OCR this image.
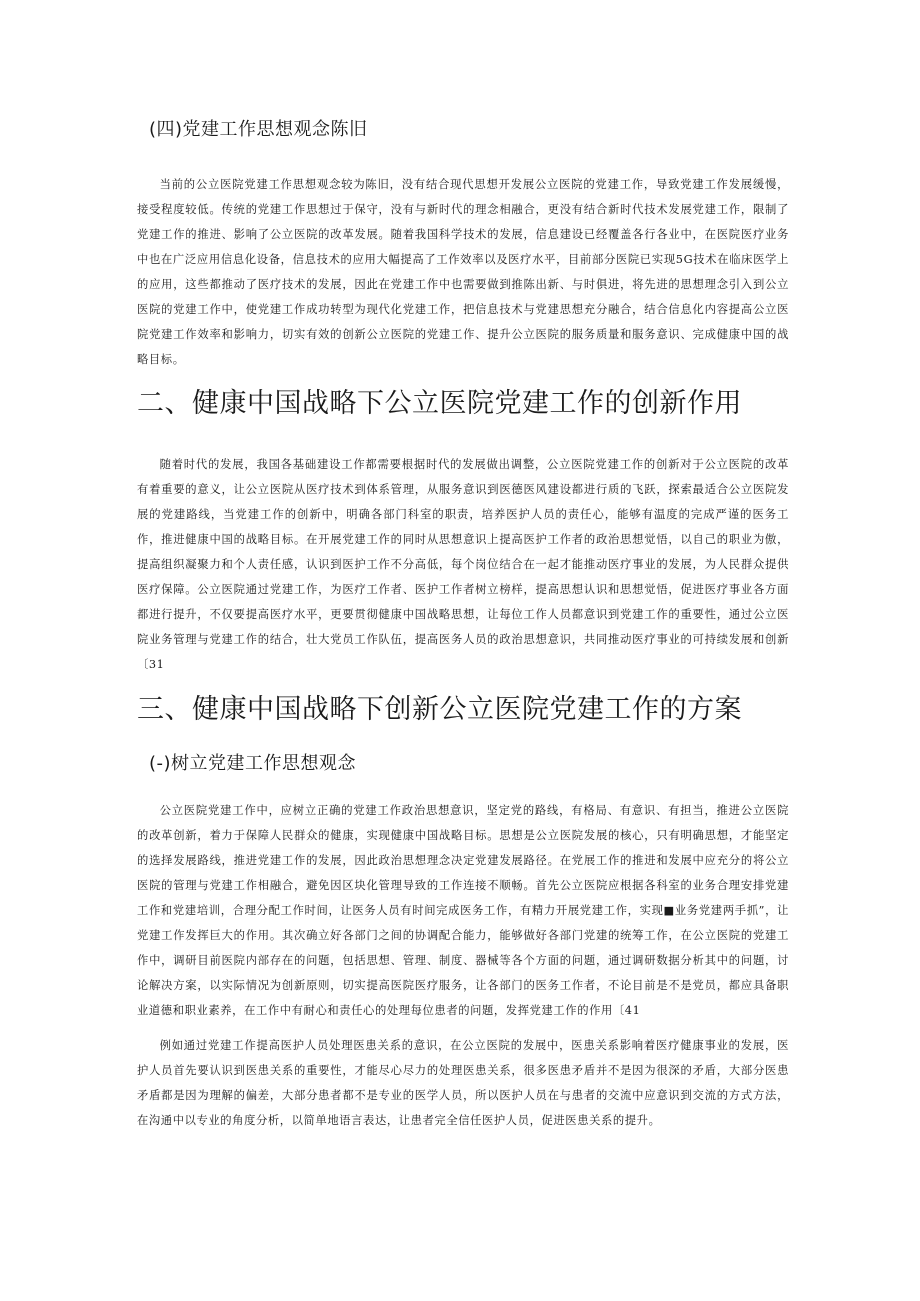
(四)党建工作思想观念陈旧

当前的公立医院党建工作思想观念较为陈旧，没有结合现代思想开发展公立医院的党建工作，导致党建工作发展缓慢，接受程度较低。传统的党建工作思想过于保守，没有与新时代的理念相融合，更没有结合新时代技术发展党建工作，限制了党建工作的推进、影响了公立医院的改革发展。随着我国科学技术的发展，信息建设已经覆盖各行各业中，在医院医疗业务中也在广泛应用信息化设备，信息技术的应用大幅提高了工作效率以及医疗水平，目前部分医院已实现5G技术在临床医学上的应用，这些都推动了医疗技术的发展，因此在党建工作中也需要做到推陈出新、与时俱进，将先进的思想理念引入到公立医院的党建工作中，使党建工作成功转型为现代化党建工作，把信息技术与党建思想充分融合，结合信息化内容提高公立医院党建工作效率和影响力，切实有效的创新公立医院的党建工作、提升公立医院的服务质量和服务意识、完成健康中国的战略目标。

二、健康中国战略下公立医院党建工作的创新作用

随着时代的发展，我国各基础建设工作都需要根据时代的发展做出调整，公立医院党建工作的创新对于公立医院的改革有着重要的意义，让公立医院从医疗技术到体系管理，从服务意识到医德医风建设都进行质的飞跃，探索最适合公立医院发展的党建路线，当党建工作的创新中，明确各部门科室的职责，培养医护人员的责任心，能够有温度的完成严谨的医务工作，推进健康中国的战略目标。在开展党建工作的同时从思想意识上提高医护工作者的政治思想觉悟，以自己的职业为傲，提高组织凝聚力和个人责任感，认识到医护工作不分高低，每个岗位结合在一起才能推动医疗事业的发展，为人民群众提供医疗保障。公立医院通过党建工作，为医疗工作者、医护工作者树立榜样，提高思想认识和思想觉悟，促进医疗事业各方面都进行提升，不仅要提高医疗水平，更要贯彻健康中国战略思想，让每位工作人员都意识到党建工作的重要性，通过公立医院业务管理与党建工作的结合，壮大党员工作队伍，提高医务人员的政治思想意识，共同推动医疗事业的可持续发展和创新〔31

三、健康中国战略下创新公立医院党建工作的方案
(-)树立党建工作思想观念

公立医院党建工作中，应树立正确的党建工作政治思想意识，坚定党的路线，有格局、有意识、有担当，推进公立医院的改革创新，着力于保障人民群众的健康，实现健康中国战略目标。思想是公立医院发展的核心，只有明确思想，才能坚定的选择发展路线，推进党建工作的发展，因此政治思想理念决定党建发展路径。在党展工作的推进和发展中应充分的将公立医院的管理与党建工作相融合，避免因区块化管理导致的工作连接不顺畅。首先公立医院应根据各科室的业务合理安排党建工作和党建培训，合理分配工作时间，让医务人员有时间完成医务工作，有精力开展党建工作，实现■业务党建两手抓”，让党建工作发挥巨大的作用。其次确立好各部门之间的协调配合能力，能够做好各部门党建的统筹工作，在公立医院的党建工作中，调研目前医院内部存在的问题，包括思想、管理、制度、器械等各个方面的问题，通过调研数据分析其中的问题，讨论解决方案，以实际情况为创新原则，切实提高医院医疗服务，让各部门的医务工作者，不论目前是不是党员，都应具备职业道德和职业素养，在工作中有耐心和责任心的处理每位患者的问题，发挥党建工作的作用〔41

例如通过党建工作提高医护人员处理医患关系的意识，在公立医院的发展中，医患关系影响着医疗健康事业的发展，医护人员首先要认识到医患关系的重要性，才能尽心尽力的处理医患关系，很多医患矛盾并不是因为很深的矛盾，大部分医患矛盾都是因为理解的偏差，大部分患者都不是专业的医学人员，所以医护人员在与患者的交流中应意识到交流的方式方法，在沟通中以专业的角度分析，以简单地语言表达，让患者完全信任医护人员，促进医患关系的提升。
